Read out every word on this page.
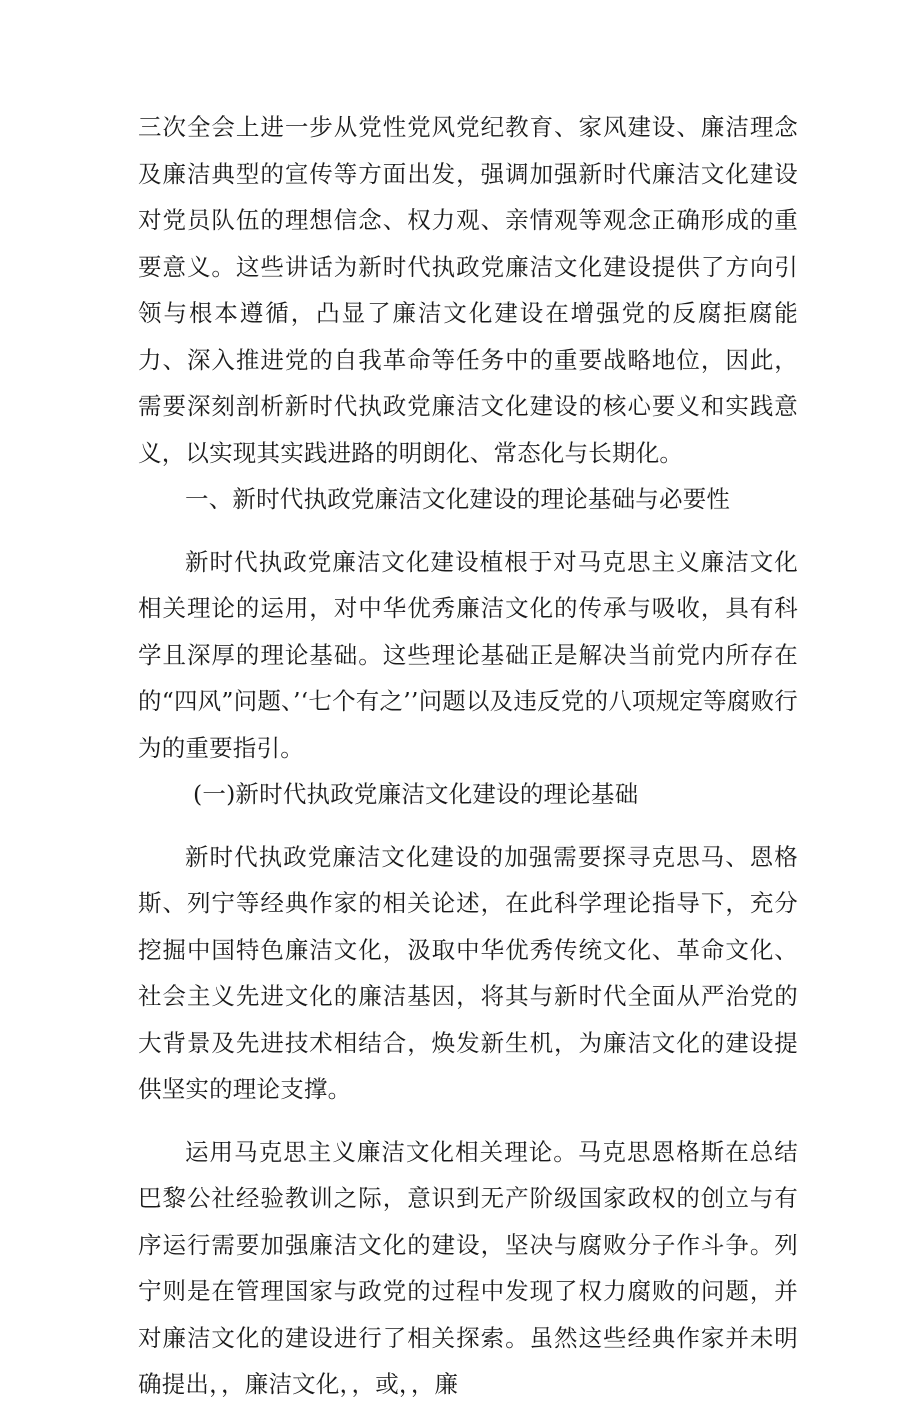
三次全会上进一步从党性党风党纪教育、家风建设、廉洁理念及廉洁典型的宣传等方面出发，强调加强新时代廉洁文化建设对党员队伍的理想信念、权力观、亲情观等观念正确形成的重要意义。这些讲话为新时代执政党廉洁文化建设提供了方向引领与根本遵循，凸显了廉洁文化建设在增强党的反腐拒腐能力、深入推进党的自我革命等任务中的重要战略地位，因此，需要深刻剖析新时代执政党廉洁文化建设的核心要义和实践意义，以实现其实践进路的明朗化、常态化与长期化。

一、新时代执政党廉洁文化建设的理论基础与必要性

新时代执政党廉洁文化建设植根于对马克思主义廉洁文化相关理论的运用，对中华优秀廉洁文化的传承与吸收，具有科学且深厚的理论基础。这些理论基础正是解决当前党内所存在的“四风”问题、’‘七个有之’’问题以及违反党的八项规定等腐败行为的重要指引。

(一)新时代执政党廉洁文化建设的理论基础

新时代执政党廉洁文化建设的加强需要探寻克思马、恩格斯、列宁等经典作家的相关论述，在此科学理论指导下，充分挖掘中国特色廉洁文化，汲取中华优秀传统文化、革命文化、社会主义先进文化的廉洁基因，将其与新时代全面从严治党的大背景及先进技术相结合，焕发新生机，为廉洁文化的建设提供坚实的理论支撑。

运用马克思主义廉洁文化相关理论。马克思恩格斯在总结巴黎公社经验教训之际，意识到无产阶级国家政权的创立与有序运行需要加强廉洁文化的建设，坚决与腐败分子作斗争。列宁则是在管理国家与政党的过程中发现了权力腐败的问题，并对廉洁文化的建设进行了相关探索。虽然这些经典作家并未明确提出，，廉洁文化，，或，，廉
